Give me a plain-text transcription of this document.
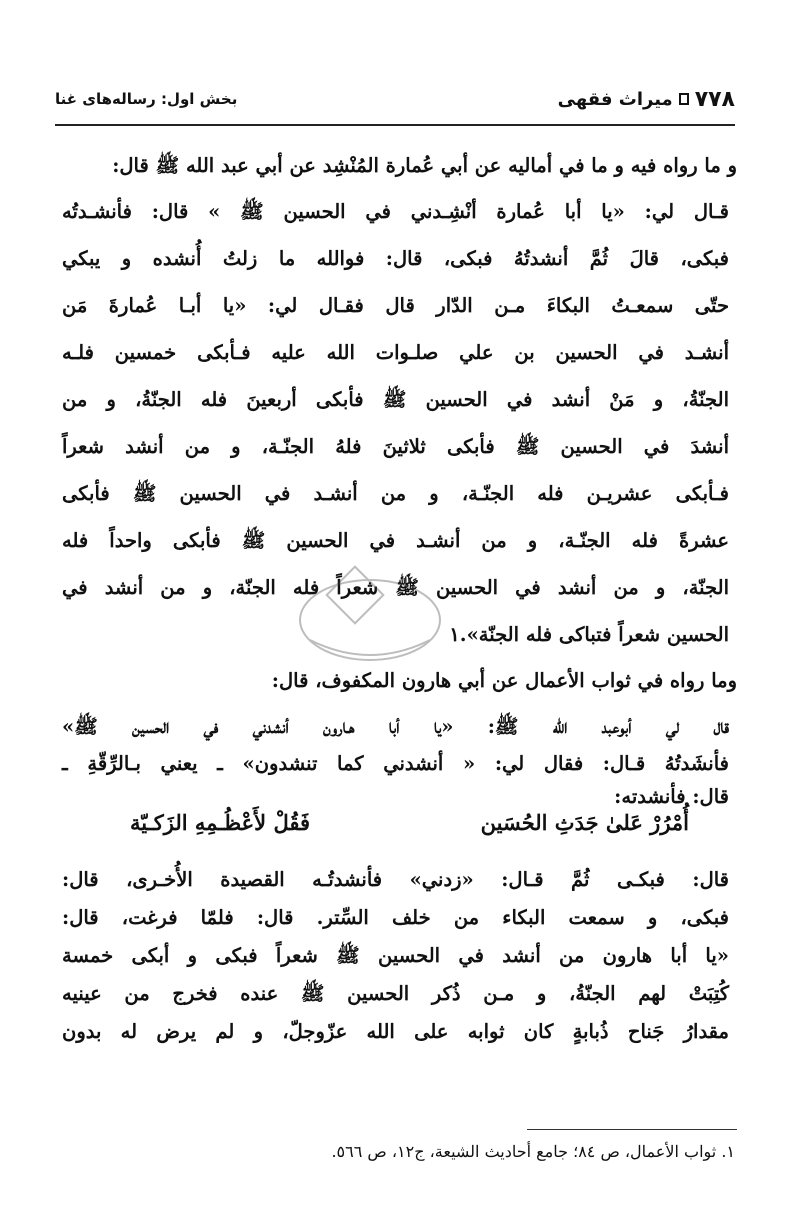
۷۷۸
میراث فقهی
بخش اول: رساله‌های غنا
و ما رواه فيه و ما في أماليه عن أبي عُمارة المُنْشِد عن أبي عبد الله ﷺ قال:
قـال لي: «يا أبا عُمارة أنْشِـدني في الحسين ﷺ » قال: فأنشـدتُه
فبكى، قالَ ثُمَّ أنشدتُهُ فبكى، قال: فوالله ما زلتُ أُنشده و يبكي
حتّى سمعـتُ البكاءَ مـن الدّار قال فقـال لي: «يا أبـا عُمارةَ مَن
أنشـد في الحسين بن علي صلـوات الله عليه فـأبكى خمسين فلـه
الجنّةُ، و مَنْ أنشد في الحسين ﷺ فأبكى أربعينَ فله الجنّةُ، و من
أنشدَ في الحسين ﷺ فأبكى ثلاثينَ فلهُ الجنّـة، و من أنشد شعراً
فـأبكى عشريـن فله الجنّـة، و من أنشـد في الحسين ﷺ فأبكى
عشرةً فله الجنّـة، و من أنشـد في الحسين ﷺ فأبكى واحداً فله
الجنّة، و من أنشد في الحسين ﷺ شعراً فله الجنّة، و من أنشد في
الحسين شعراً فتباكى فله الجنّة».١
وما رواه في ثواب الأعمال عن أبي هارون المكفوف، قال:
قال لي أبوعبد الله ﷺ: «يا أبا هـارون أنشدني في الحسين ﷺ»
فأنشَدتُهُ قـال: فقال لي: « أنشدني كما تنشدون» ـ يعني بـالرِّقّةِ ـ
قال: فأنشدته:
أُمْرُرْ عَلىٰ جَدَثِ الحُسَين
فَقُلْ لأَعْظُـمِهِ الزَكـيّة
قال: فبكـى ثُمَّ قـال: «زدني» فأنشدتُـه القصيدة الأُخـرى، قال:
فبكى، و سمعت البكاء من خلف السِّتر. قال: فلمّا فرغت، قال:
«يا أبا هارون من أنشد في الحسين ﷺ شعراً فبكى و أبكى خمسة
كُتِبَتْ لهم الجنّةُ، و مـن ذُكر الحسين ﷺ عنده فخرج من عينيه
مقدارُ جَناح ذُبابةٍ كان ثوابه على الله عزّوجلّ، و لم يرض له بدون
١. ثواب الأعمال، ص ٨٤؛ جامع أحاديث الشيعة، ج١٢، ص ٥٦٦.
